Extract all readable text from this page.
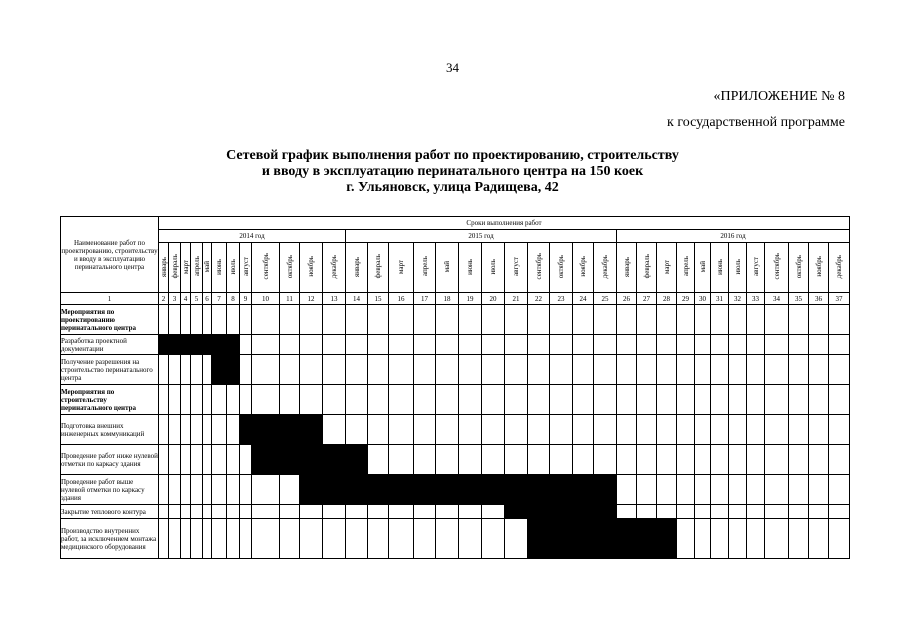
34
«ПРИЛОЖЕНИЕ № 8
к государственной программе
Сетевой график выполнения работ по проектированию, строительству
и вводу в эксплуатацию перинатального центра на 150 коек
г. Ульяновск, улица Радищева, 42
Наименование работ по проектированию, строительству и вводу в эксплуатацию перинатального центра	Сроки выполнения работ																																			
	2014 год												2015 год												2016 год											
	январь	февраль	март	апрель	май	июнь	июль	август	сентябрь	октябрь	ноябрь	декабрь	январь	февраль	март	апрель	май	июнь	июль	август	сентябрь	октябрь	ноябрь	декабрь	январь	февраль	март	апрель	май	июнь	июль	август	сентябрь	октябрь	ноябрь	декабрь
1	2	3	4	5	6	7	8	9	10	11	12	13	14	15	16	17	18	19	20	21	22	23	24	25	26	27	28	29	30	31	32	33	34	35	36	37
Мероприятия по проектированию перинатального центра																																				
Разработка проектной документации																																				
Получение разрешения на строительство перинатального центра																																				
Мероприятия по строительству перинатального центра																																				
Подготовка внешних инженерных коммуникаций																																				
Проведение работ ниже нулевой отметки по каркасу здания																																				
Проведение работ выше нулевой отметки по каркасу здания																																				
Закрытие теплового контура																																				
Производство внутренних работ, за исключением монтажа медицинского оборудования																																				
